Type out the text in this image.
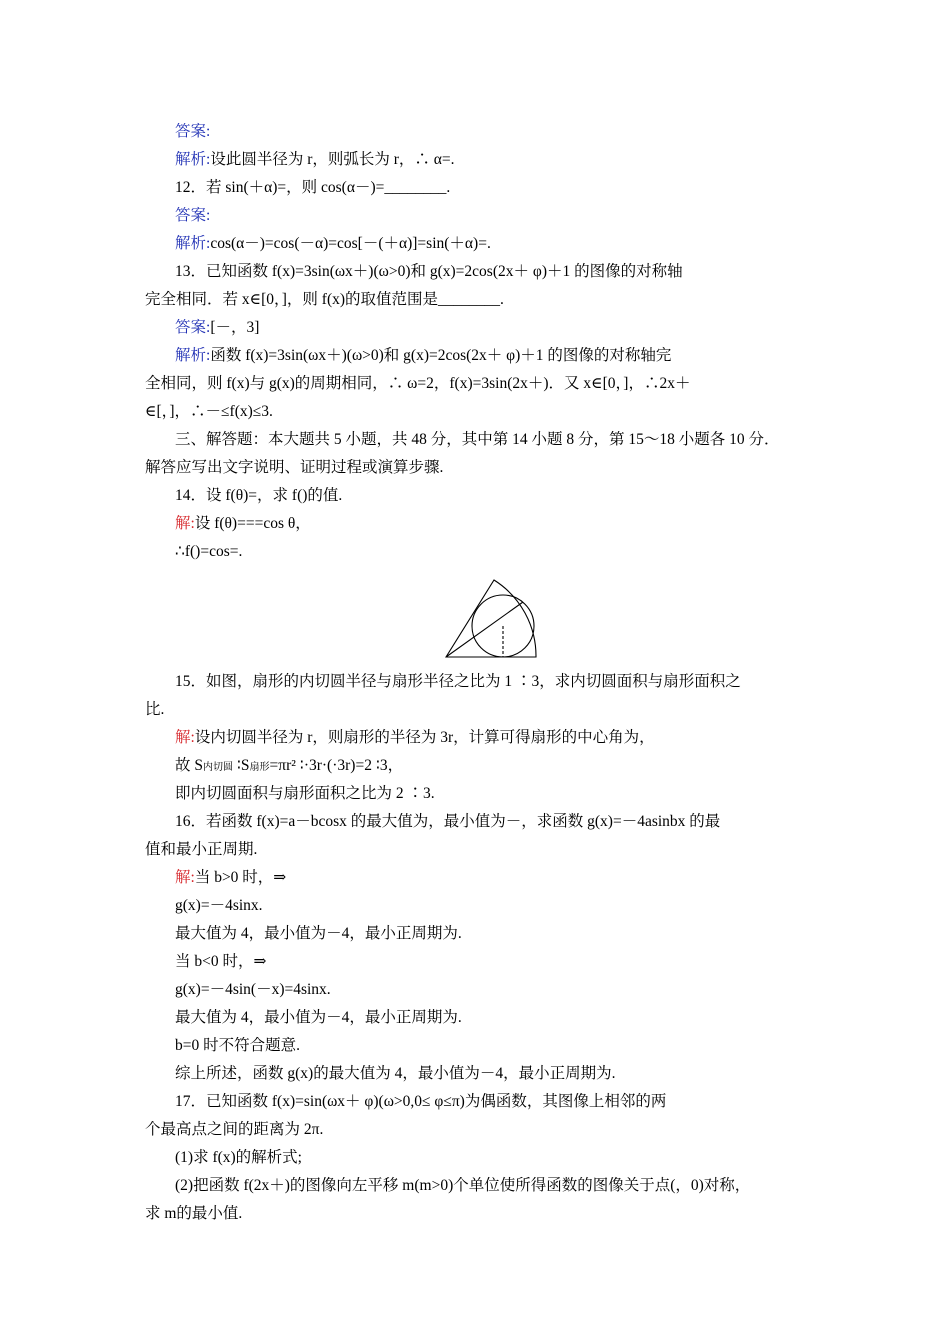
答案:
解析:设此圆半径为 r，则弧长为 r，∴ α=.
12．若 sin(＋α)=，则 cos(α－)=________.
答案:
解析:cos(α－)=cos(－α)=cos[－(＋α)]=sin(＋α)=.
13．已知函数 f(x)=3sin(ωx＋)(ω>0)和 g(x)=2cos(2x＋ φ)＋1 的图像的对称轴
完全相同．若 x∈[0，]，则 f(x)的取值范围是________.
答案:[－，3]
解析:函数 f(x)=3sin(ωx＋)(ω>0)和 g(x)=2cos(2x＋ φ)＋1 的图像的对称轴完
全相同，则 f(x)与 g(x)的周期相同，∴ ω=2，f(x)=3sin(2x＋)．又 x∈[0，]，∴2x＋
∈[，]，∴－≤f(x)≤3.
三、解答题：本大题共 5 小题，共 48 分，其中第 14 小题 8 分，第 15～18 小题各 10 分．
解答应写出文字说明、证明过程或演算步骤.
14．设 f(θ)=，求 f()的值.
解:设 f(θ)===cos θ，
∴f()=cos=.
15．如图，扇形的内切圆半径与扇形半径之比为 1 ∶3，求内切圆面积与扇形面积之
比.
解:设内切圆半径为 r，则扇形的半径为 3r，计算可得扇形的中心角为，
故 S内切圆 ∶S扇形=πr² ∶·3r·(·3r)=2 ∶3，
即内切圆面积与扇形面积之比为 2 ∶3.
16．若函数 f(x)=a－bcosx 的最大值为，最小值为－，求函数 g(x)=－4asinbx 的最
值和最小正周期.
解:当 b>0 时，⇒
g(x)=－4sinx.
最大值为 4，最小值为－4，最小正周期为.
当 b<0 时，⇒
g(x)=－4sin(－x)=4sinx.
最大值为 4，最小值为－4，最小正周期为.
b=0 时不符合题意.
综上所述，函数 g(x)的最大值为 4，最小值为－4，最小正周期为.
17．已知函数 f(x)=sin(ωx＋ φ)(ω>0,0≤ φ≤π)为偶函数，其图像上相邻的两
个最高点之间的距离为 2π.
(1)求 f(x)的解析式;
(2)把函数 f(2x＋)的图像向左平移 m(m>0)个单位使所得函数的图像关于点(，0)对称，
求 m的最小值.
